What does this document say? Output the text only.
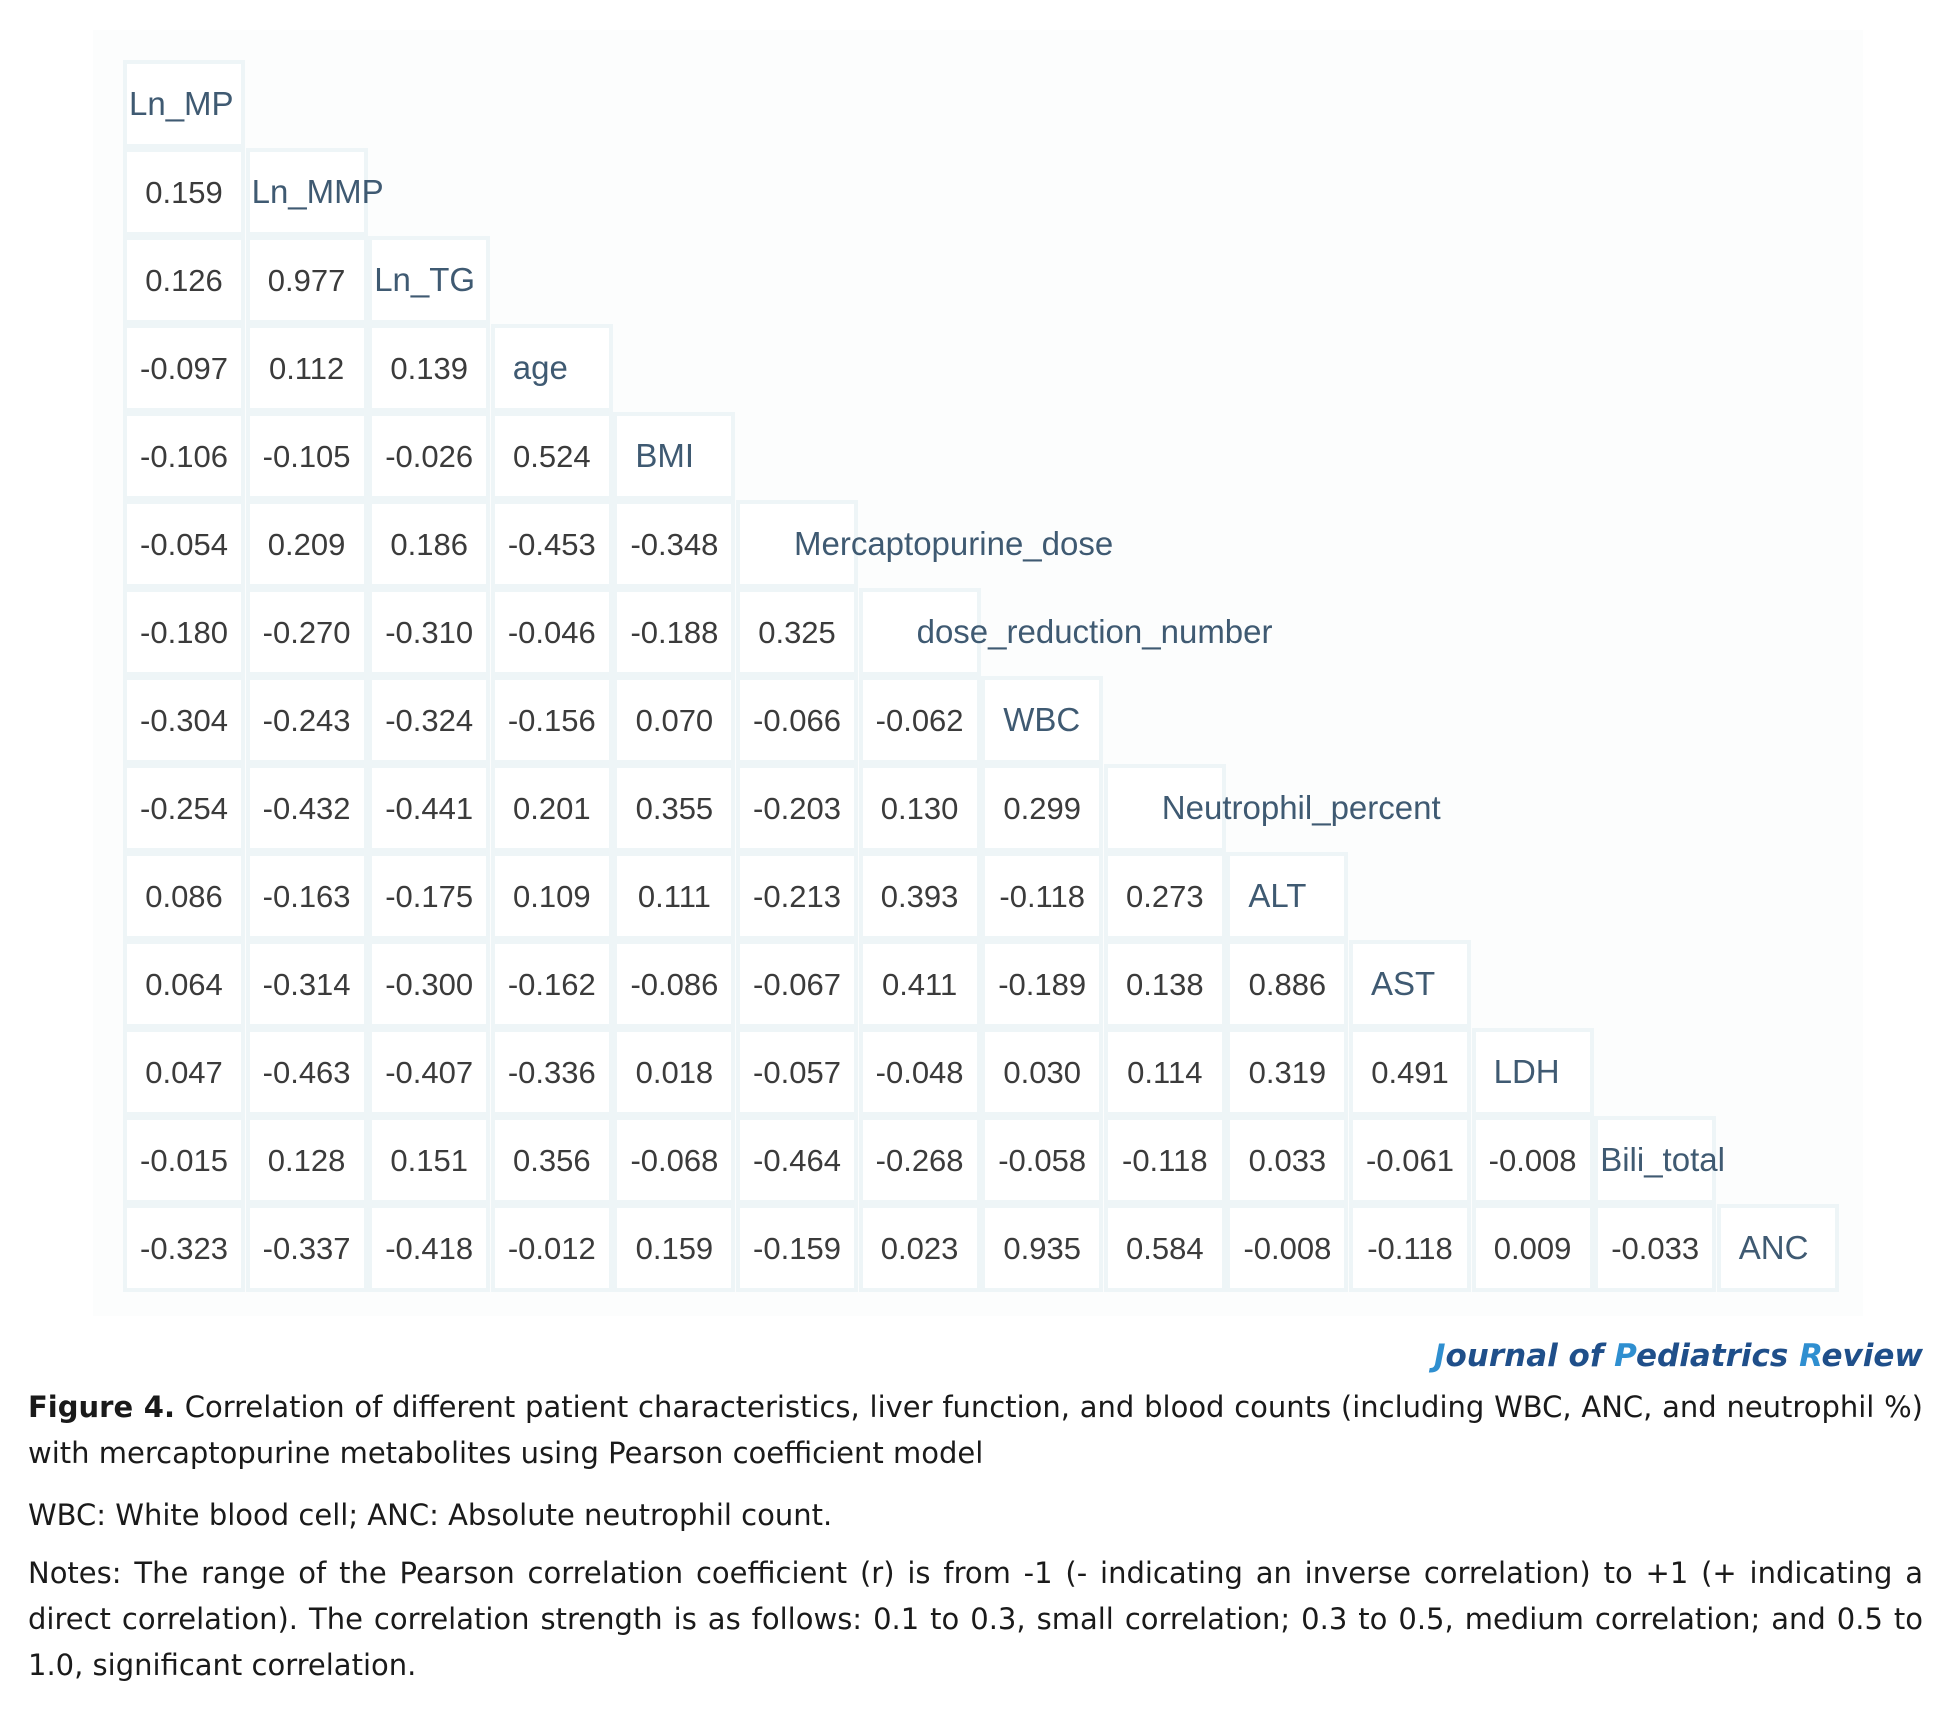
Ln_MP
0.159 Ln_MMP
0.126 0.977 Ln_TG
-0.097 0.112 0.139 age
-0.106 -0.105 -0.026 0.524 BMI
-0.054 0.209 0.186 -0.453 -0.348 Mercaptopurine_dose
-0.180 -0.270 -0.310 -0.046 -0.188 0.325 dose_reduction_number
-0.304 -0.243 -0.324 -0.156 0.070 -0.066 -0.062 WBC
-0.254 -0.432 -0.441 0.201 0.355 -0.203 0.130 0.299 Neutrophil_percent
0.086 -0.163 -0.175 0.109 0.111 -0.213 0.393 -0.118 0.273 ALT
0.064 -0.314 -0.300 -0.162 -0.086 -0.067 0.411 -0.189 0.138 0.886 AST
0.047 -0.463 -0.407 -0.336 0.018 -0.057 -0.048 0.030 0.114 0.319 0.491 LDH
-0.015 0.128 0.151 0.356 -0.068 -0.464 -0.268 -0.058 -0.118 0.033 -0.061 -0.008 Bili_total
-0.323 -0.337 -0.418 -0.012 0.159 -0.159 0.023 0.935 0.584 -0.008 -0.118 0.009 -0.033 ANC
Journal of Pediatrics Review
Figure 4. Correlation of different patient characteristics, liver function, and blood counts (including WBC, ANC, and neutrophil %) with mercaptopurine metabolites using Pearson coefficient model
WBC: White blood cell; ANC: Absolute neutrophil count.
Notes: The range of the Pearson correlation coefficient (r) is from -1 (- indicating an inverse correlation) to +1 (+ indicating a direct correlation). The correlation strength is as follows: 0.1 to 0.3, small correlation; 0.3 to 0.5, medium correlation; and 0.5 to 1.0, significant correlation.
